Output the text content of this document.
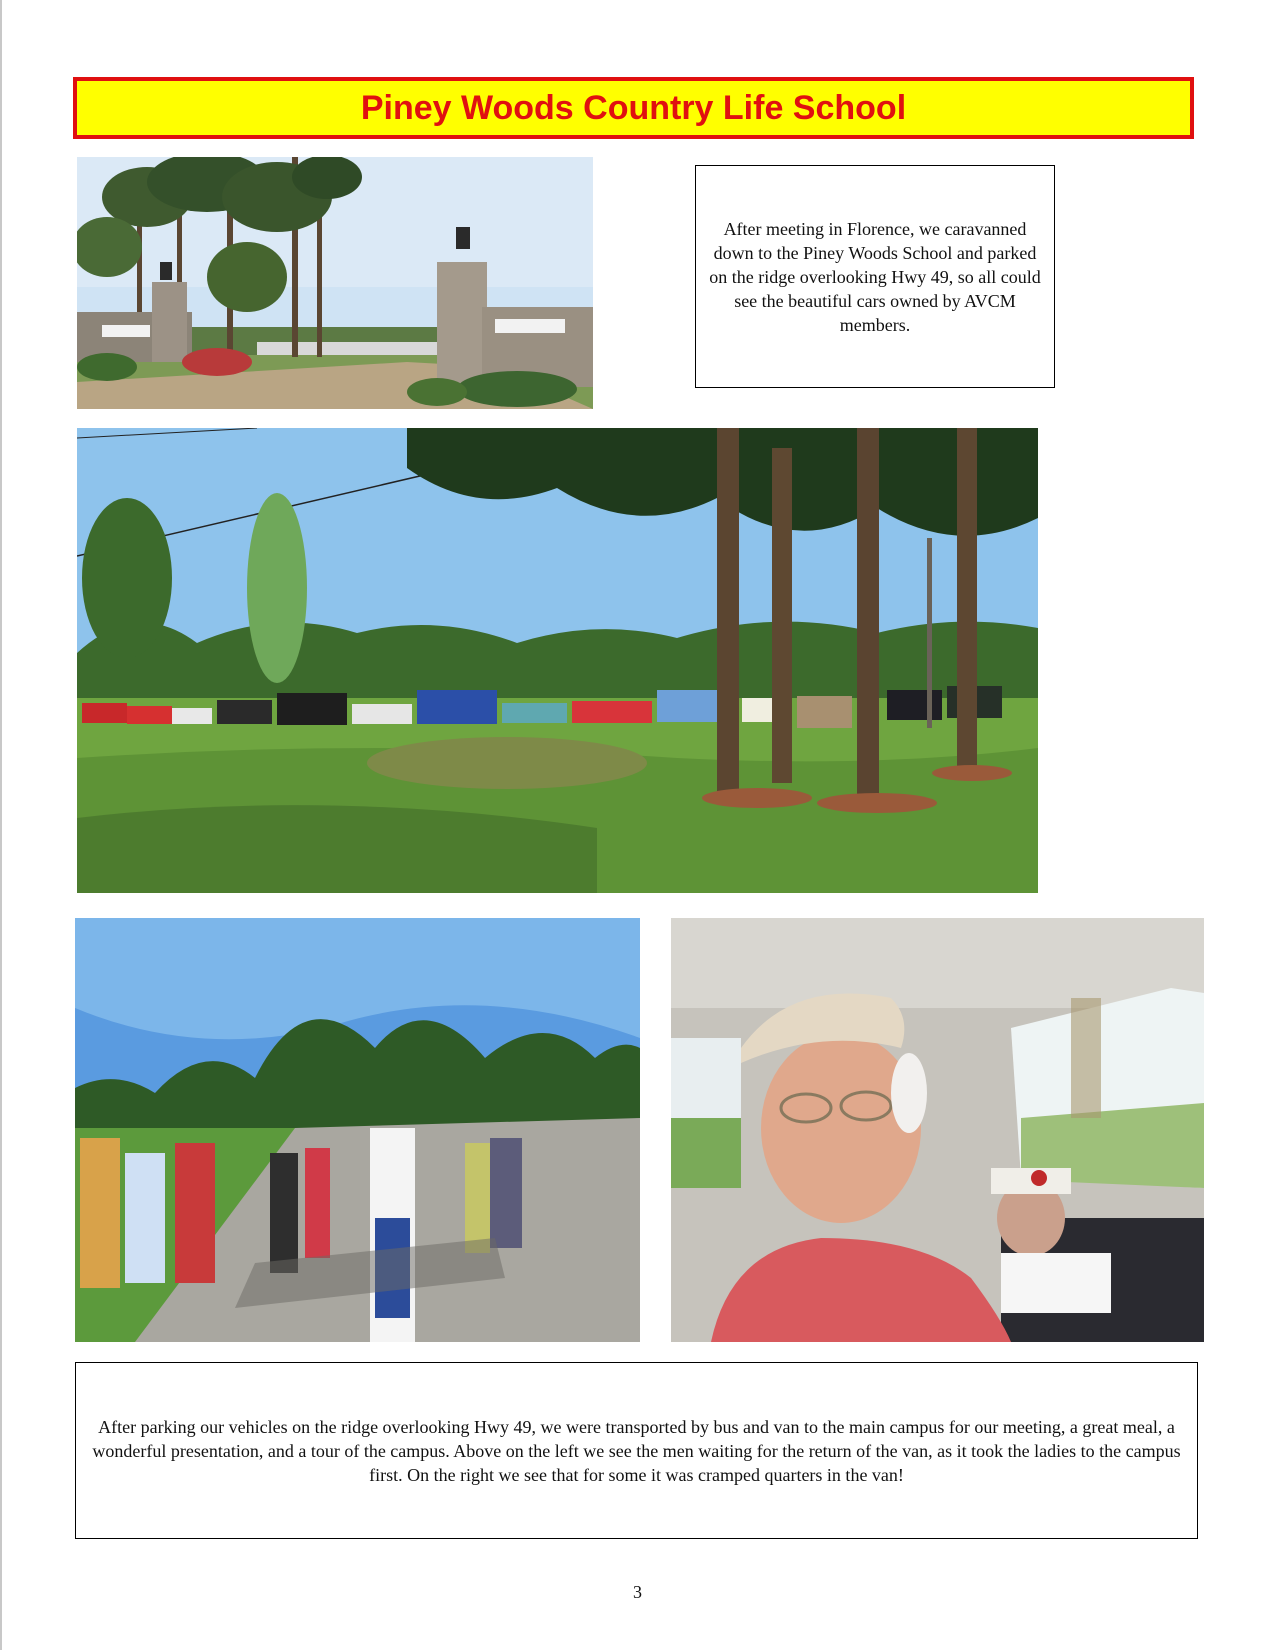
Piney Woods Country Life School
After meeting in Florence, we caravanned down to the Piney Woods School and parked on the ridge overlooking Hwy 49, so all could see the beautiful cars owned by AVCM members.
After parking our vehicles on the ridge overlooking Hwy 49, we were transported by bus and van to the main campus for our meeting, a great meal, a wonderful presentation, and a tour of the campus. Above on the left we see the men waiting for the return of the van, as it took the ladies to the campus first. On the right we see that for some it was cramped quarters in the van!
3
